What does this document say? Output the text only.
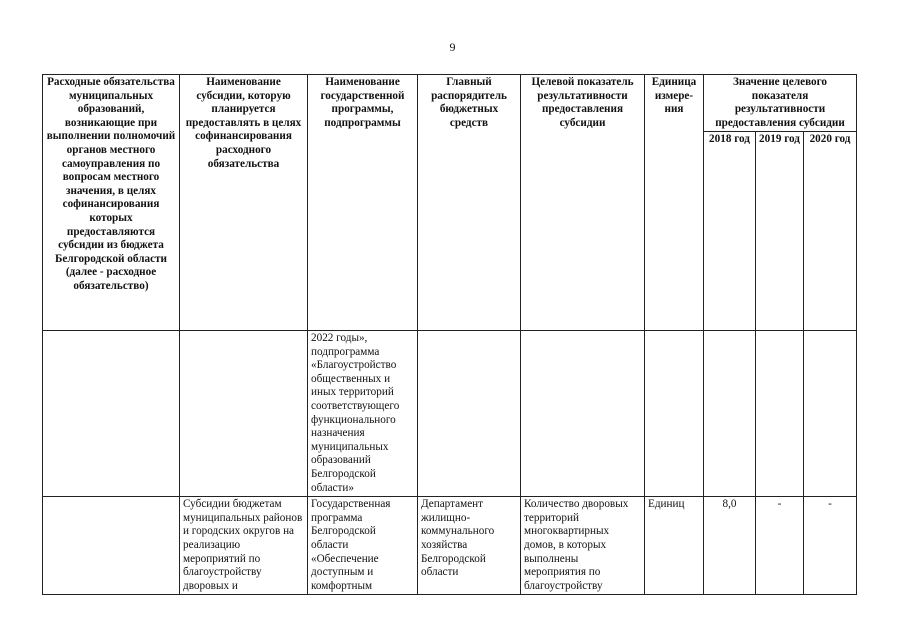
9
Расходные обязательства муниципальных образований, возникающие при выполнении полномочий органов местного самоуправления по вопросам местного значения, в целях софинансирования которых предоставляются субсидии из бюджета Белгородской области (далее - расходное обязательство)	Наименование субсидии, которую планируется предоставлять в целях софинансирования расходного обязательства	Наименование государственной программы, подпрограммы	Главный распорядитель бюджетных средств	Целевой показатель результативности предоставления субсидии	Единица измере-ния	Значение целевого показателя результативности предоставления субсидии		
						2018 год	2019 год	2020 год
		2022 годы», подпрограмма «Благоустройство общественных и иных территорий соответствующего функционального назначения муниципальных образований Белгородской области»						
	Субсидии бюджетам муниципальных районов и городских округов на реализацию мероприятий по благоустройству дворовых и	Государственная программа Белгородской области «Обеспечение доступным и комфортным	Департамент жилищно-коммунального хозяйства Белгородской области	Количество дворовых территорий многоквартирных домов, в которых выполнены мероприятия по благоустройству	Единиц	8,0	-	-
